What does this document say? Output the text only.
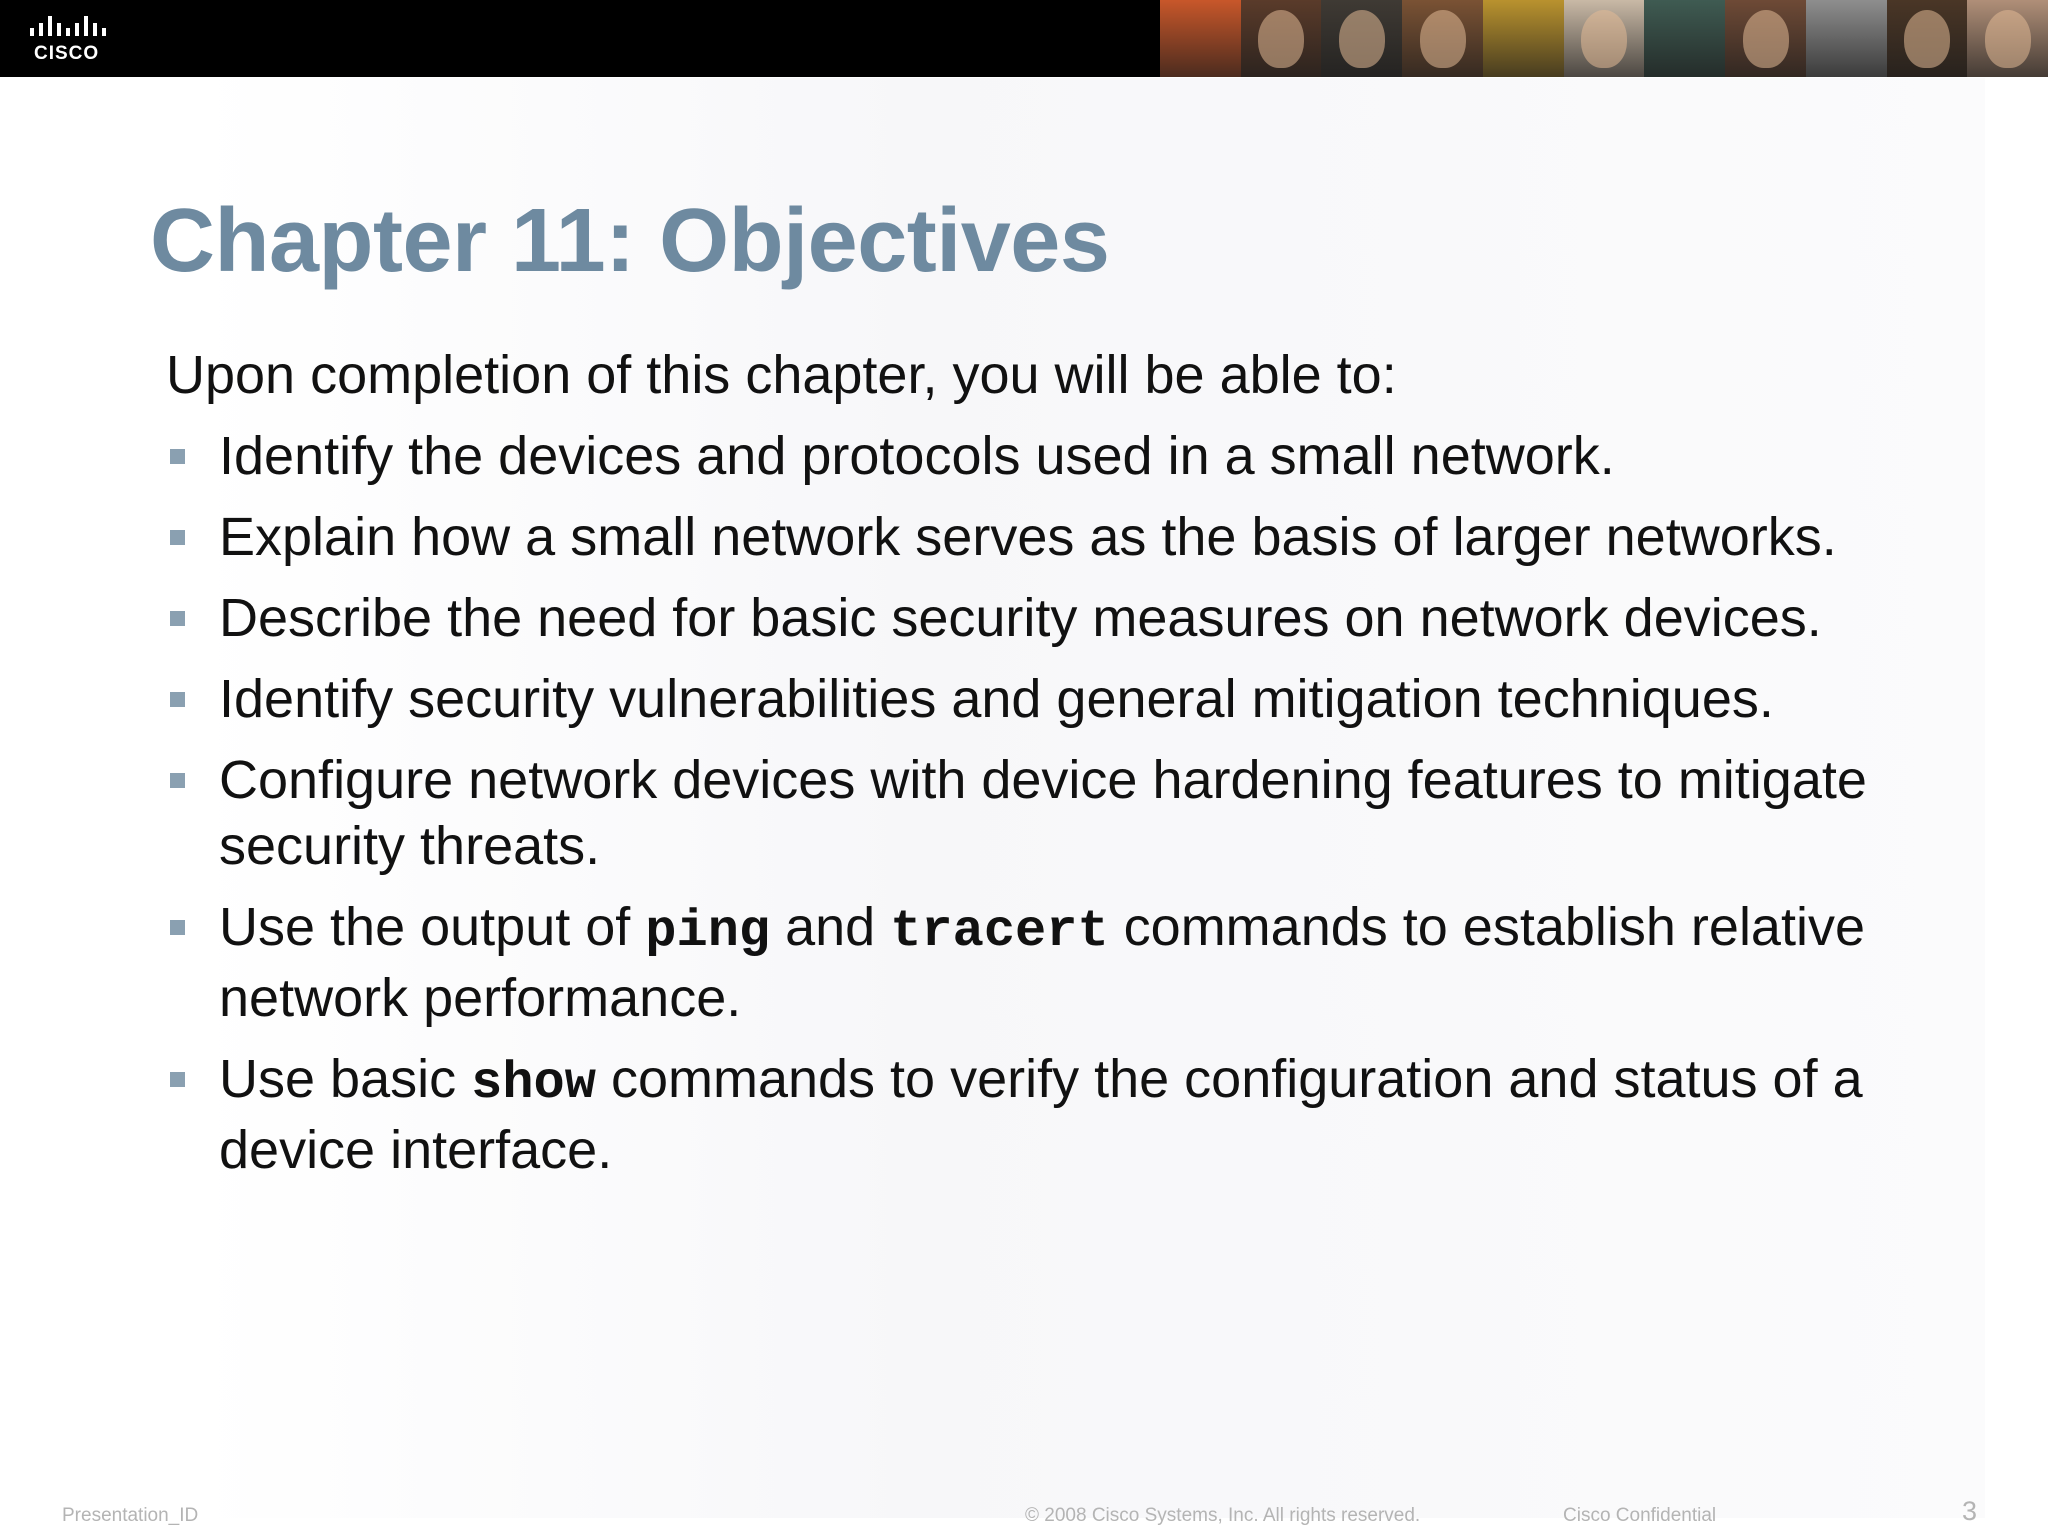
CISCO
Chapter 11: Objectives

Upon completion of this chapter, you will be able to:

Identify the devices and protocols used in a small network.
Explain how a small network serves as the basis of larger networks.
Describe the need for basic security measures on network devices.
Identify security vulnerabilities and general mitigation techniques.
Configure network devices with device hardening features to mitigate security threats.
Use the output of ping and tracert commands to establish relative network performance.
Use basic show commands to verify the configuration and status of a device interface.
Presentation_ID	© 2008 Cisco Systems, Inc. All rights reserved.	Cisco Confidential	3
